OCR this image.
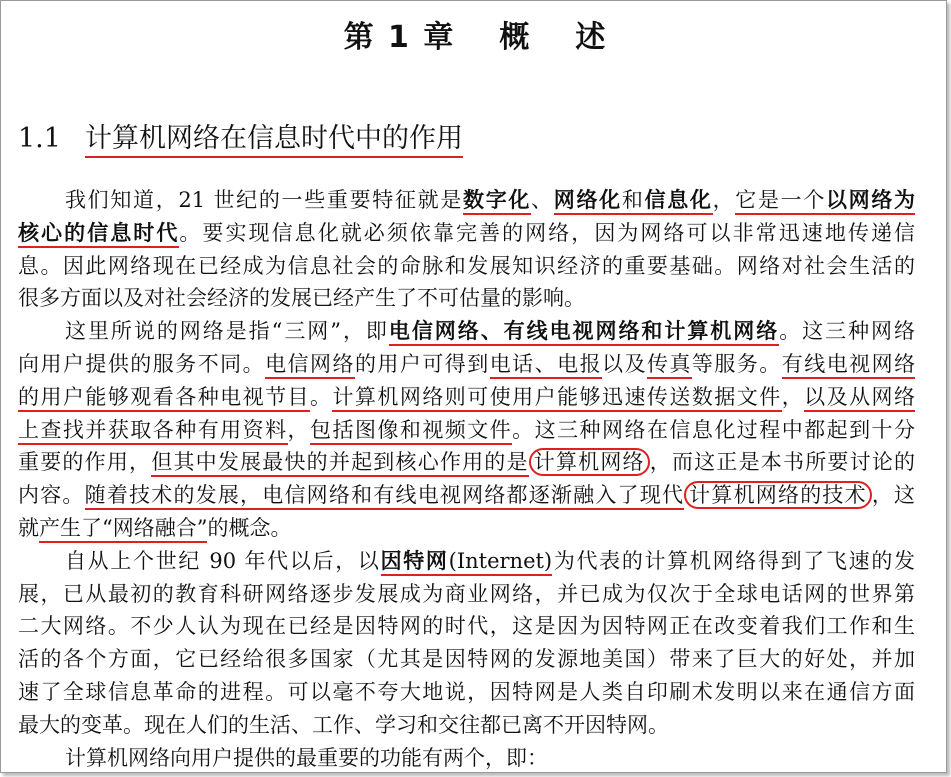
第 1 章 概 述
1.1 计算机网络在信息时代中的作用
我们知道，21 世纪的一些重要特征就是数字化、网络化和信息化，它是一个以网络为
核心的信息时代。要实现信息化就必须依靠完善的网络，因为网络可以非常迅速地传递信
息。因此网络现在已经成为信息社会的命脉和发展知识经济的重要基础。网络对社会生活的
很多方面以及对社会经济的发展已经产生了不可估量的影响。
这里所说的网络是指“三网”，即电信网络、有线电视网络和计算机网络。这三种网络
向用户提供的服务不同。电信网络的用户可得到电话、电报以及传真等服务。有线电视网络
的用户能够观看各种电视节目。计算机网络则可使用户能够迅速传送数据文件，以及从网络
上查找并获取各种有用资料，包括图像和视频文件。这三种网络在信息化过程中都起到十分
重要的作用，但其中发展最快的并起到核心作用的是 计算机网络 ，而这正是本书所要讨论的
内容。随着技术的发展，电信网络和有线电视网络都逐渐融入了现代 计算机网络的技术 ，这
就产生了“网络融合”的概念。
自从上个世纪 90 年代以后，以因特网(Internet)为代表的计算机网络得到了飞速的发
展，已从最初的教育科研网络逐步发展成为商业网络，并已成为仅次于全球电话网的世界第
二大网络。不少人认为现在已经是因特网的时代，这是因为因特网正在改变着我们工作和生
活的各个方面，它已经给很多国家（尤其是因特网的发源地美国）带来了巨大的好处，并加
速了全球信息革命的进程。可以毫不夸大地说，因特网是人类自印刷术发明以来在通信方面
最大的变革。现在人们的生活、工作、学习和交往都已离不开因特网。
计算机网络向用户提供的最重要的功能有两个，即：
